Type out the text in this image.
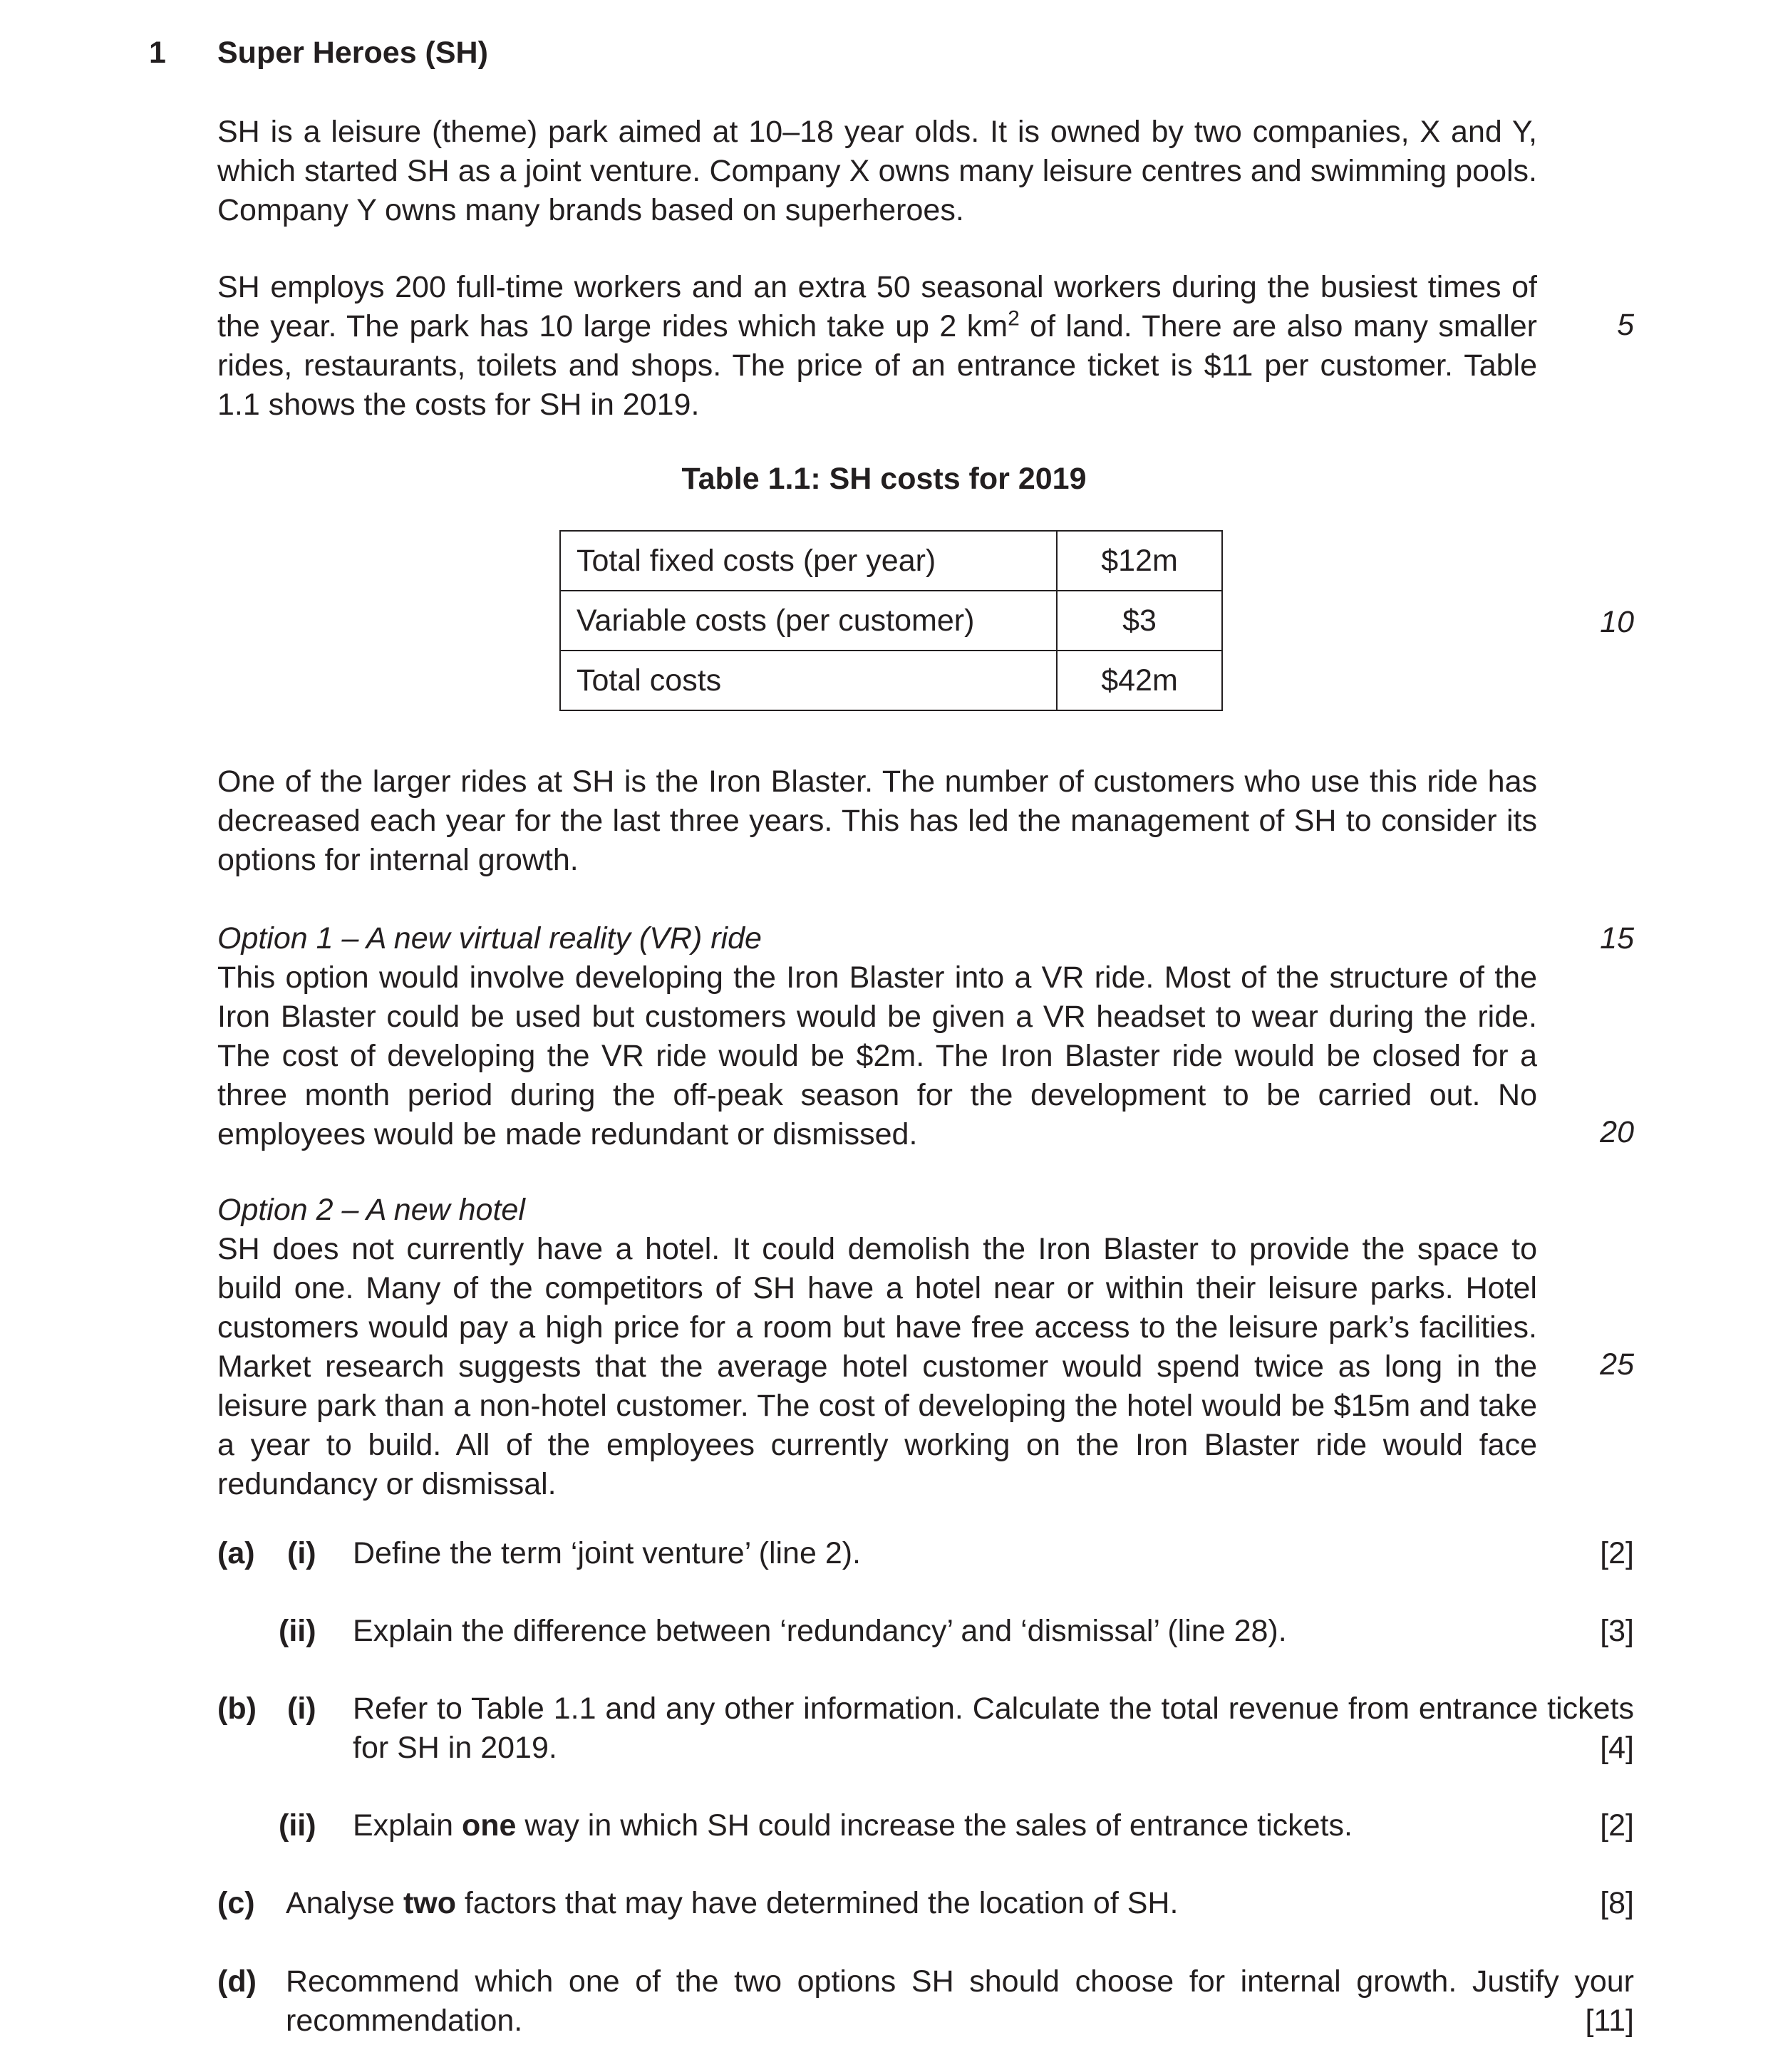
1 Super Heroes (SH)

SH is a leisure (theme) park aimed at 10–18 year olds. It is owned by two companies, X and Y, which started SH as a joint venture. Company X owns many leisure centres and swimming pools. Company Y owns many brands based on superheroes.

SH employs 200 full-time workers and an extra 50 seasonal workers during the busiest times of the year. The park has 10 large rides which take up 2 $km^2$ of land. There are also many smaller rides, restaurants, toilets and shops. The price of an entrance ticket is $11 per customer. Table 1.1 shows the costs for SH in 2019.

5
10
15
20
25
Table 1.1: SH costs for 2019
Total fixed costs (per year)	$12m
Variable costs (per customer)	$3
Total costs	$42m

One of the larger rides at SH is the Iron Blaster. The number of customers who use this ride has decreased each year for the last three years. This has led the management of SH to consider its options for internal growth.

Option 1 – A new virtual reality (VR) ride
This option would involve developing the Iron Blaster into a VR ride. Most of the structure of the Iron Blaster could be used but customers would be given a VR headset to wear during the ride. The cost of developing the VR ride would be $2m. The Iron Blaster ride would be closed for a three month period during the off-peak season for the development to be carried out. No employees would be made redundant or dismissed.

Option 2 – A new hotel
SH does not currently have a hotel. It could demolish the Iron Blaster to provide the space to build one. Many of the competitors of SH have a hotel near or within their leisure parks. Hotel customers would pay a high price for a room but have free access to the leisure park’s facilities. Market research suggests that the average hotel customer would spend twice as long in the leisure park than a non-hotel customer. The cost of developing the hotel would be $15m and take a year to build. All of the employees currently working on the Iron Blaster ride would face redundancy or dismissal.

(a) (i) Define the term ‘joint venture’ (line 2).	[2]
(ii) Explain the difference between ‘redundancy’ and ‘dismissal’ (line 28).	[3]
(b) (i) Refer to Table 1.1 and any other information. Calculate the total revenue from entrance tickets for SH in 2019.	[4]
(ii) Explain one way in which SH could increase the sales of entrance tickets.	[2]
(c) Analyse two factors that may have determined the location of SH.	[8]
(d) Recommend which one of the two options SH should choose for internal growth. Justify your recommendation.	[11]
